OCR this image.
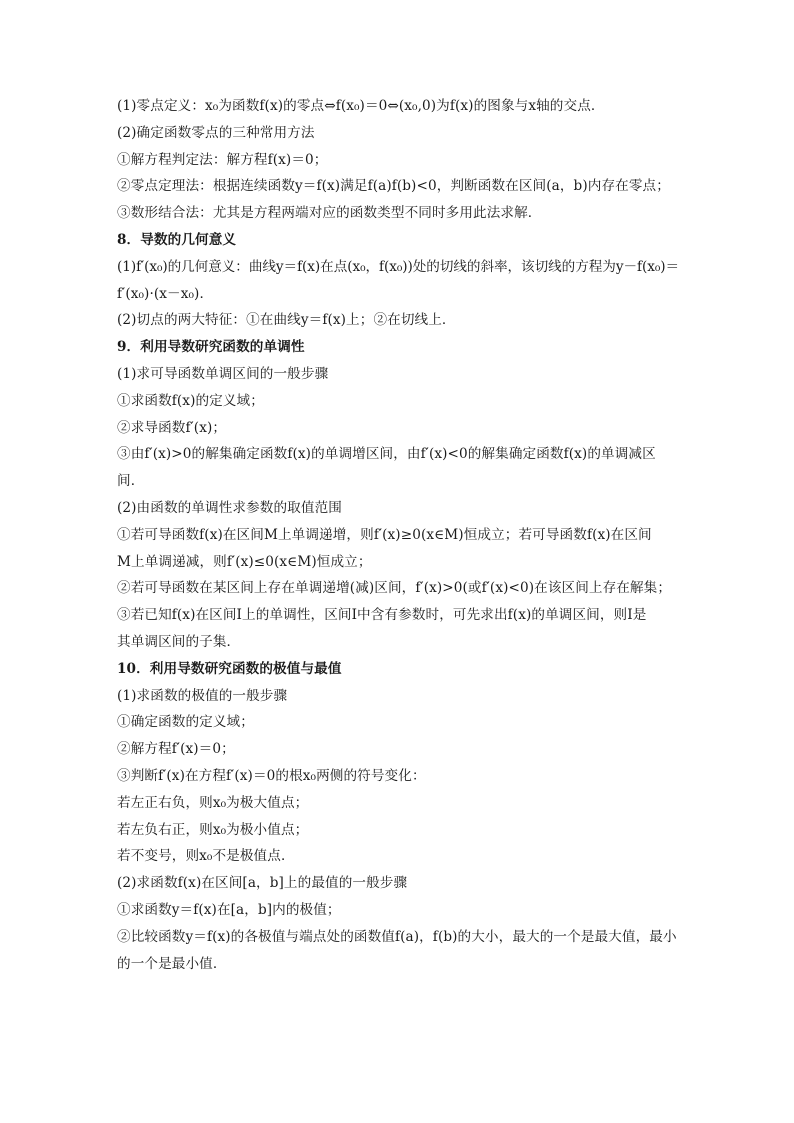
(1)零点定义：x₀为函数f(x)的零点⇔f(x₀)＝0⇔(x₀,0)为f(x)的图象与x轴的交点．
(2)确定函数零点的三种常用方法
①解方程判定法：解方程f(x)＝0；
②零点定理法：根据连续函数y＝f(x)满足f(a)f(b)<0，判断函数在区间(a，b)内存在零点；
③数形结合法：尤其是方程两端对应的函数类型不同时多用此法求解．
8．导数的几何意义
(1)f′(x₀)的几何意义：曲线y＝f(x)在点(x₀，f(x₀))处的切线的斜率，该切线的方程为y－f(x₀)＝
f′(x₀)·(x－x₀)．
(2)切点的两大特征：①在曲线y＝f(x)上；②在切线上．
9．利用导数研究函数的单调性
(1)求可导函数单调区间的一般步骤
①求函数f(x)的定义域；
②求导函数f′(x)；
③由f′(x)>0的解集确定函数f(x)的单调增区间，由f′(x)<0的解集确定函数f(x)的单调减区
间．
(2)由函数的单调性求参数的取值范围
①若可导函数f(x)在区间M上单调递增，则f′(x)≥0(x∈M)恒成立；若可导函数f(x)在区间
M上单调递减，则f′(x)≤0(x∈M)恒成立；
②若可导函数在某区间上存在单调递增(减)区间，f′(x)>0(或f′(x)<0)在该区间上存在解集；
③若已知f(x)在区间I上的单调性，区间I中含有参数时，可先求出f(x)的单调区间，则I是
其单调区间的子集．
10．利用导数研究函数的极值与最值
(1)求函数的极值的一般步骤
①确定函数的定义域；
②解方程f′(x)＝0；
③判断f′(x)在方程f′(x)＝0的根x₀两侧的符号变化：
若左正右负，则x₀为极大值点；
若左负右正，则x₀为极小值点；
若不变号，则x₀不是极值点．
(2)求函数f(x)在区间[a，b]上的最值的一般步骤
①求函数y＝f(x)在[a，b]内的极值；
②比较函数y＝f(x)的各极值与端点处的函数值f(a)，f(b)的大小，最大的一个是最大值，最小
的一个是最小值．
